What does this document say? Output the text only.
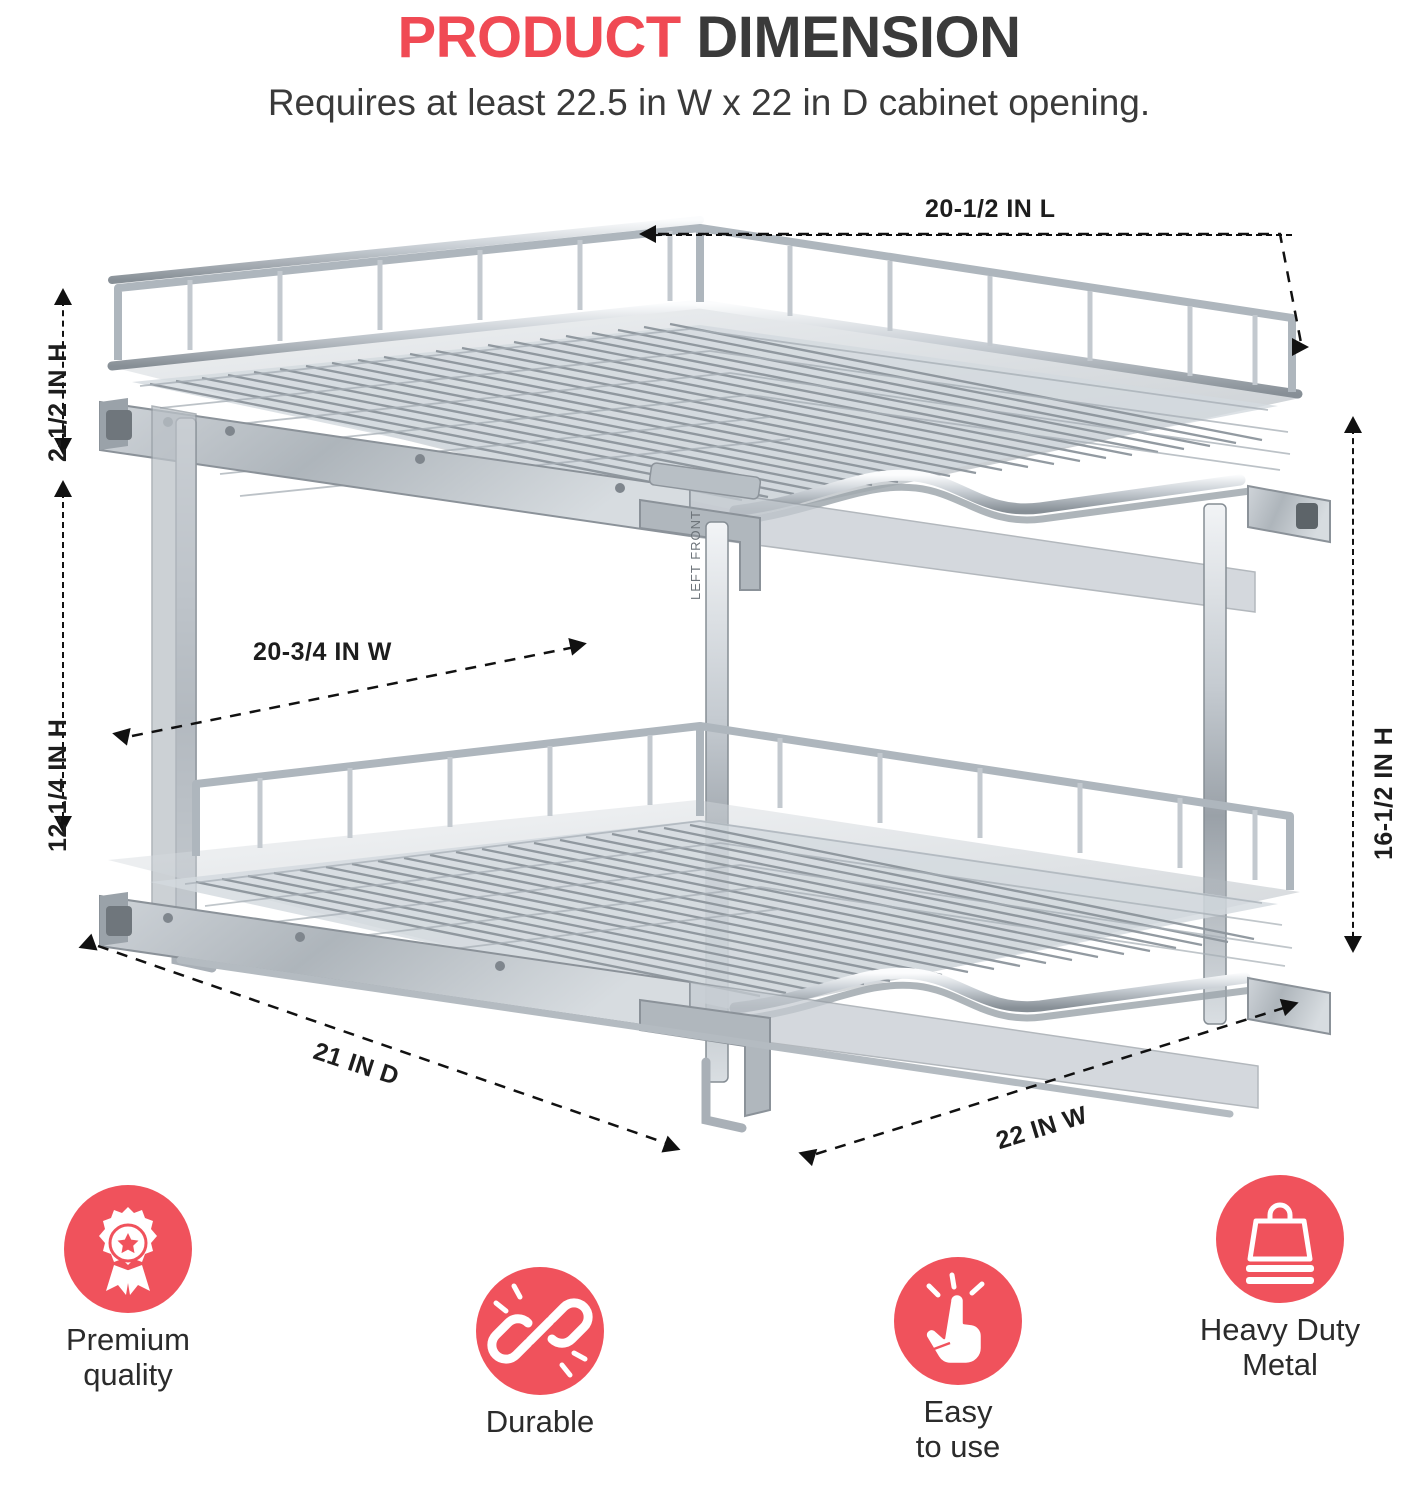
PRODUCT DIMENSION
Requires at least 22.5 in W x 22 in D cabinet opening.
LEFT FRONT
20-1/2 IN L
2-1/2 IN H
12-1/4 IN H	16-1/2 IN H
20-3/4 IN W
21 IN D
22 IN W
Premium
quality
Durable	Easy
to use
Heavy Duty
Metal
